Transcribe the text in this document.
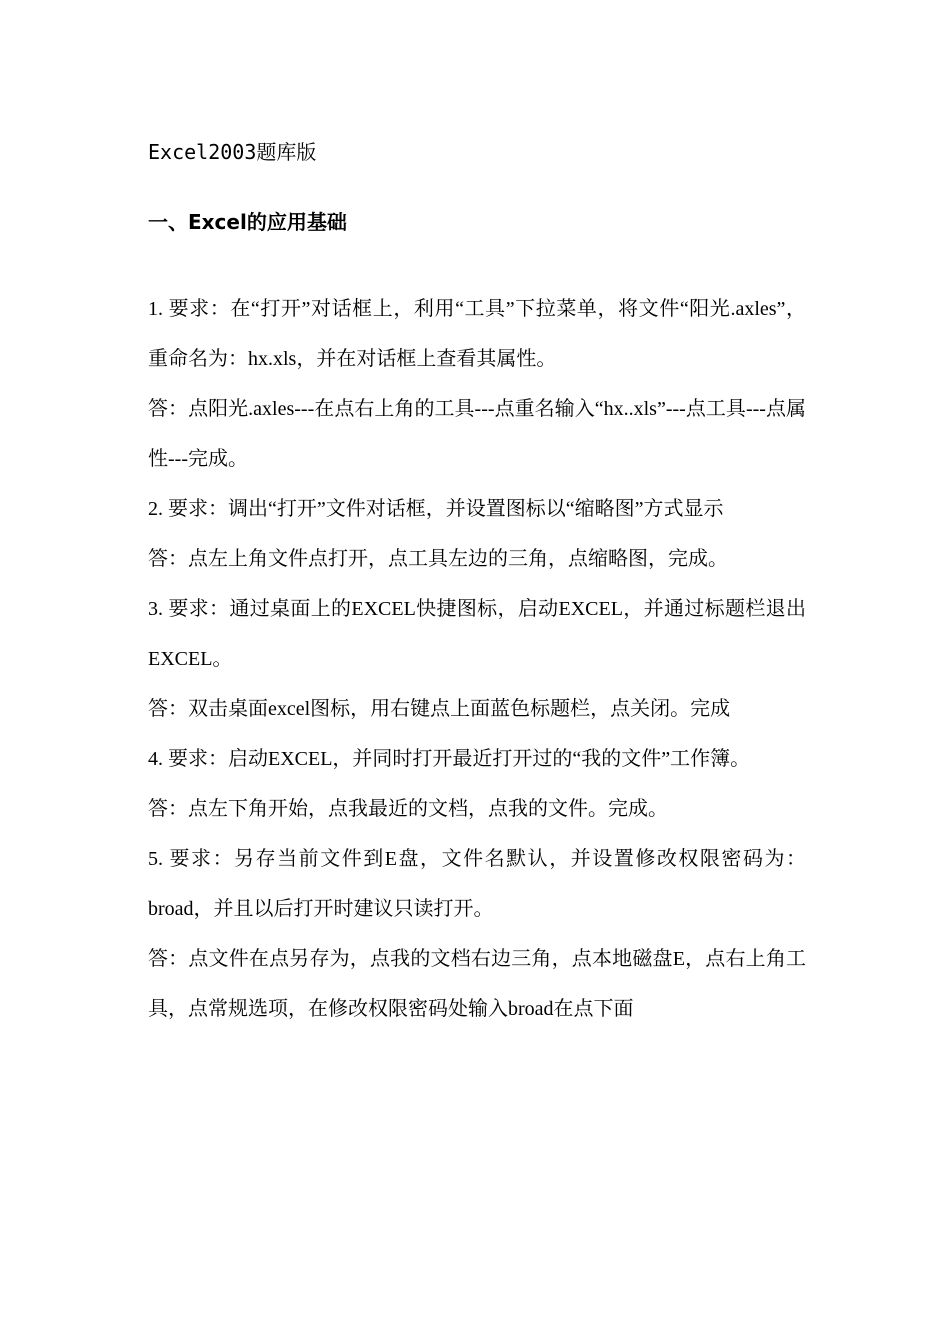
Excel2003题库版
一、Excel的应用基础

1. 要求：在“打开”对话框上，利用“工具”下拉菜单，将文件“阳光.axles”，重命名为：hx.xls，并在对话框上查看其属性。

答：点阳光.axles---在点右上角的工具---点重名输入“hx..xls”---点工具---点属性---完成。

2. 要求：调出“打开”文件对话框，并设置图标以“缩略图”方式显示

答：点左上角文件点打开，点工具左边的三角，点缩略图，完成。

3. 要求：通过桌面上的EXCEL快捷图标，启动EXCEL，并通过标题栏退出EXCEL。

答：双击桌面excel图标，用右键点上面蓝色标题栏，点关闭。完成

4. 要求：启动EXCEL，并同时打开最近打开过的“我的文件”工作簿。

答：点左下角开始，点我最近的文档，点我的文件。完成。

5. 要求：另存当前文件到E盘，文件名默认，并设置修改权限密码为：broad，并且以后打开时建议只读打开。

答：点文件在点另存为，点我的文档右边三角，点本地磁盘E，点右上角工具，点常规选项，在修改权限密码处输入broad在点下面
